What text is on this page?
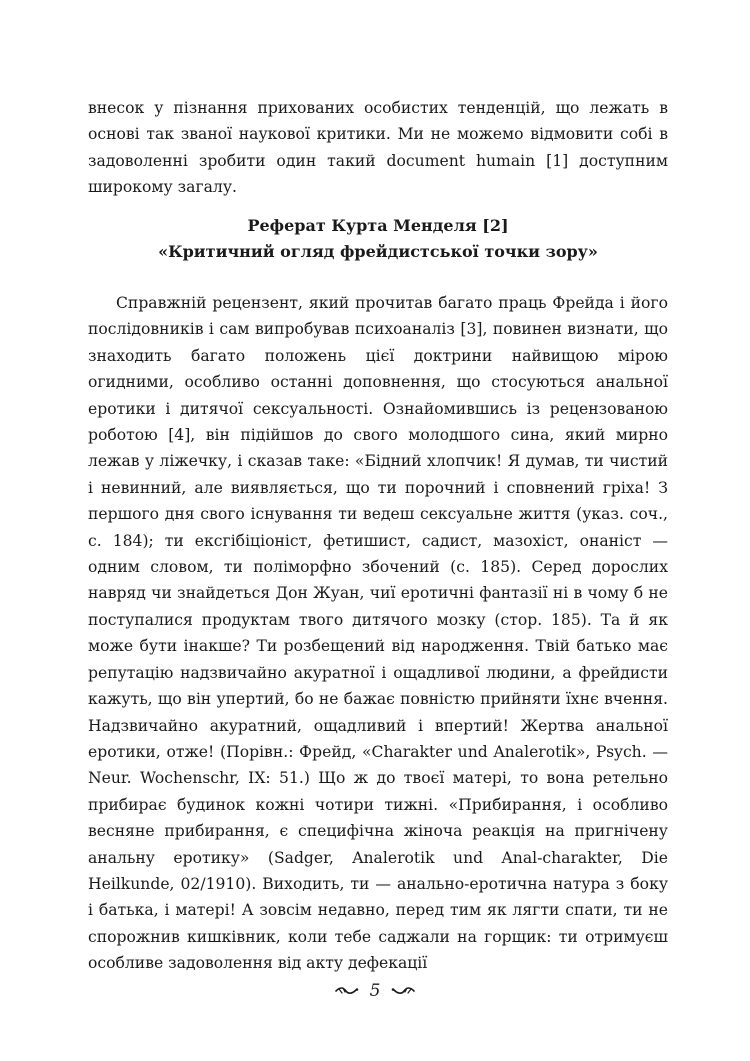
внесок у пізнання прихованих особистих тенденцій, що лежать в основі так званої наукової критики. Ми не можемо відмовити собі в задоволенні зробити один такий document humain [1] доступним широкому загалу.

Реферат Курта Менделя [2]
«Критичний огляд фрейдистської точки зору»

Справжній рецензент, який прочитав багато праць Фрейда і його послідовників і сам випробував психоаналіз [3], повинен визнати, що знаходить багато положень цієї доктрини найвищою мірою огидними, особливо останні доповнення, що стосуються анальної еротики і дитячої сексуальності. Ознайомившись із рецензованою роботою [4], він підійшов до свого молодшого сина, який мирно лежав у ліжечку, і сказав таке: «Бідний хлопчик! Я думав, ти чистий і невинний, але виявляється, що ти порочний і сповнений гріха! З першого дня свого існування ти ведеш сексуальне життя (указ. соч., с. 184); ти ексгібіціоніст, фетишист, садист, мазохіст, онаніст — одним словом, ти поліморфно збочений (с. 185). Серед дорослих навряд чи знайдеться Дон Жуан, чиї еротичні фантазії ні в чому б не поступалися продуктам твого дитячого мозку (стор. 185). Та й як може бути інакше? Ти розбещений від народження. Твій батько має репутацію надзвичайно акуратної і ощадливої людини, а фрейдисти кажуть, що він упертий, бо не бажає повністю прийняти їхнє вчення. Надзвичайно акуратний, ощадливий і впертий! Жертва анальної еротики, отже! (Порівн.: Фрейд, «Charakter und Analerotik», Psych. — Neur. Wochenschr, IX: 51.) Що ж до твоєї матері, то вона ретельно прибирає будинок кожні чотири тижні. «Прибирання, і особливо весняне прибирання, є специфічна жіноча реакція на пригнічену анальну еротику» (Sadger, Analerotik und Anal-charakter, Die Heilkunde, 02/1910). Виходить, ти — анально-еротична натура з боку і батька, і матері! А зовсім недавно, перед тим як лягти спати, ти не спорожнив кишківник, коли тебе саджали на горщик: ти отримуєш особливе задоволення від акту дефекації

5
